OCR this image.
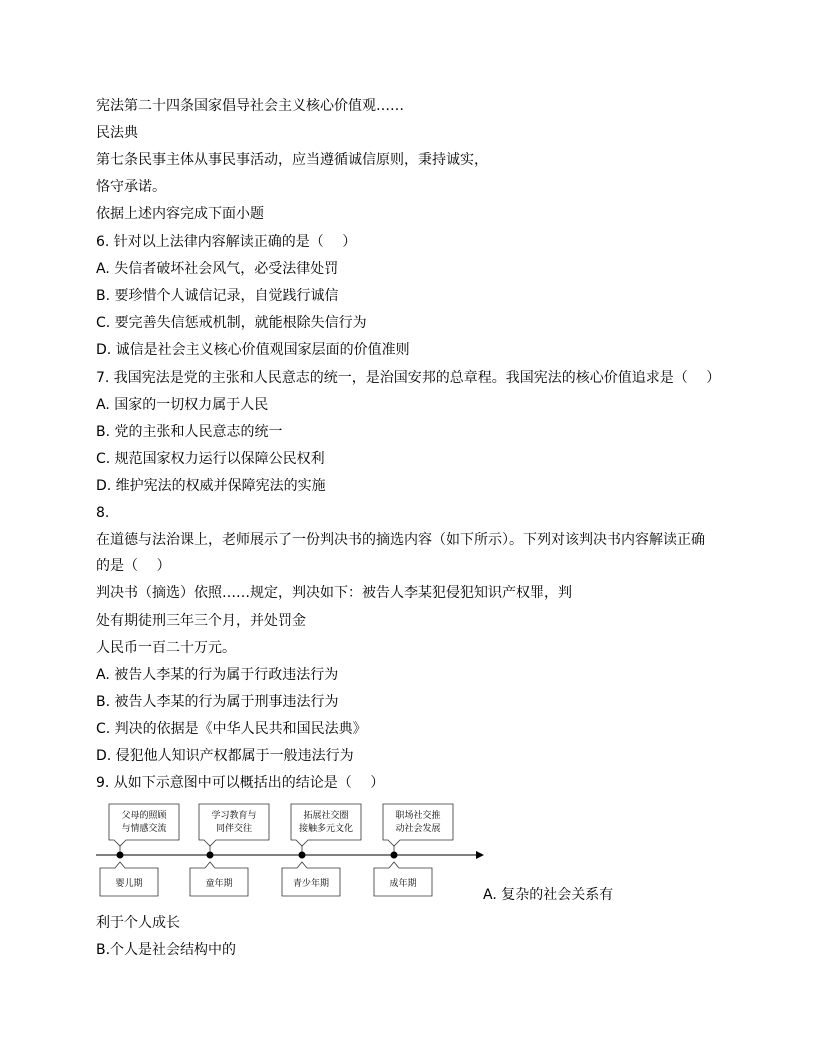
宪法第二十四条国家倡导社会主义核心价值观……
民法典
第七条民事主体从事民事活动，应当遵循诚信原则，秉持诚实，
恪守承诺。
依据上述内容完成下面小题
6. 针对以上法律内容解读正确的是（　 ）
A. 失信者破坏社会风气，必受法律处罚
B. 要珍惜个人诚信记录，自觉践行诚信
C. 要完善失信惩戒机制，就能根除失信行为
D. 诚信是社会主义核心价值观国家层面的价值准则
7. 我国宪法是党的主张和人民意志的统一，是治国安邦的总章程。我国宪法的核心价值追求是（　 ）
A. 国家的一切权力属于人民
B. 党的主张和人民意志的统一
C. 规范国家权力运行以保障公民权利
D. 维护宪法的权威并保障宪法的实施
8.
在道德与法治课上，老师展示了一份判决书的摘选内容（如下所示）。下列对该判决书内容解读正确
的是（　 ）
判决书（摘选）依照……规定，判决如下：被告人李某犯侵犯知识产权罪，判
处有期徒刑三年三个月，并处罚金
人民币一百二十万元。
A. 被告人李某的行为属于行政违法行为
B. 被告人李某的行为属于刑事违法行为
C. 判决的依据是《中华人民共和国民法典》
D. 侵犯他人知识产权都属于一般违法行为
9. 从如下示意图中可以概括出的结论是（　 ）
父母的照顾
与情感交流
婴儿期
学习教育与
同伴交往
童年期
拓展社交圈
接触多元文化
青少年期
职场社交推
动社会发展
成年期
A. 复杂的社会关系有
利于个人成长
B.个人是社会结构中的
